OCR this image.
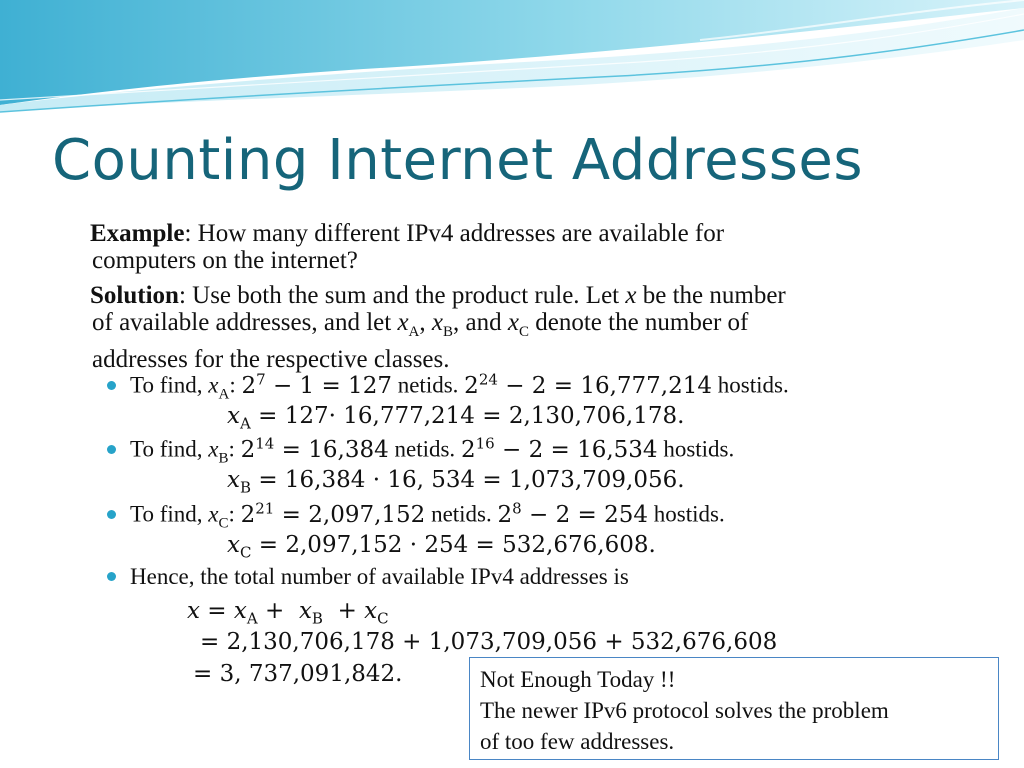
Counting Internet Addresses
Example: How many different IPv4 addresses are available for
computers on the internet?
Solution: Use both the sum and the product rule. Let x be the number
of available addresses, and let $x_A$, $x_B$, and $x_C$ denote the number of
addresses for the respective classes.
To find, $x_A$: $2^7 - 1 = 127$ netids. $2^{24} - 2 = 16,777,214$ hostids.
$x_A = 127\cdot 16,777,214 = 2,130,706,178$.
To find, $x_B$: $2^{14} = 16,384$ netids. $2^{16} - 2 = 16,534$ hostids.
$x_B = 16,384 \cdot 16$, 534 = 1,073,709,056.
To find, $x_C$: $2^{21} = 2,097,152$ netids. $2^8 - 2 = 254$ hostids.
$x_C = 2,097,152 \cdot 254 = 532,676,608$.
Hence, the total number of available IPv4 addresses is
$x = x_A + x_B + x_C$
= 2,130,706,178 + 1,073,709,056 + 532,676,608
= 3, 737,091,842.	Not Enough Today !!
The newer IPv6 protocol solves the problem
of too few addresses.
